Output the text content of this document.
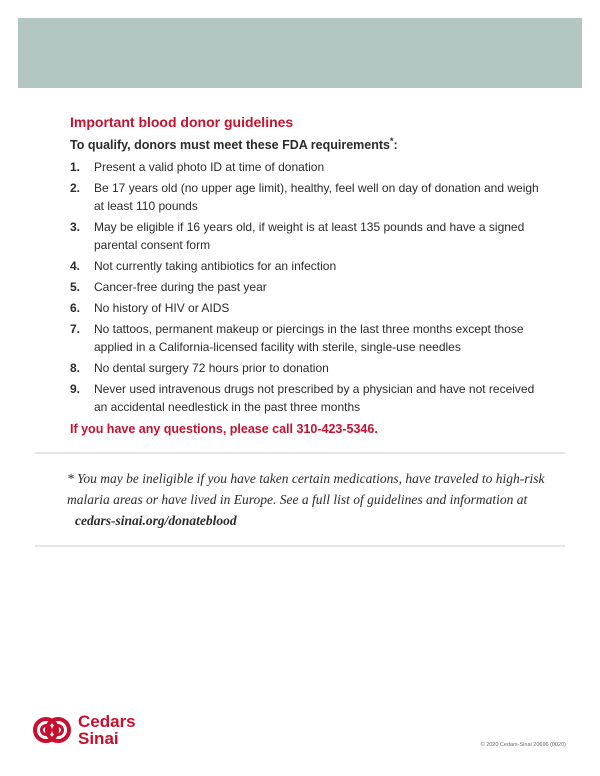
Important blood donor guidelines
To qualify, donors must meet these FDA requirements*:
1.	Present a valid photo ID at time of donation
2.	Be 17 years old (no upper age limit), healthy, feel well on day of donation and weigh at least 110 pounds
3.	May be eligible if 16 years old, if weight is at least 135 pounds and have a signed parental consent form
4.	Not currently taking antibiotics for an infection
5.	Cancer-free during the past year
6.	No history of HIV or AIDS
7.	No tattoos, permanent makeup or piercings in the last three months except those applied in a California-licensed facility with sterile, single-use needles
8.	No dental surgery 72 hours prior to donation
9.	Never used intravenous drugs not prescribed by a physician and have not received an accidental needlestick in the past three months
If you have any questions, please call 310-423-5346.
* You may be ineligible if you have taken certain medications, have traveled to high-risk malaria areas or have lived in Europe. See a full list of guidelines and information at
cedars-sinai.org/donateblood
Cedars
Sinai	© 2020 Cedars-Sinai 20696 (0020)
